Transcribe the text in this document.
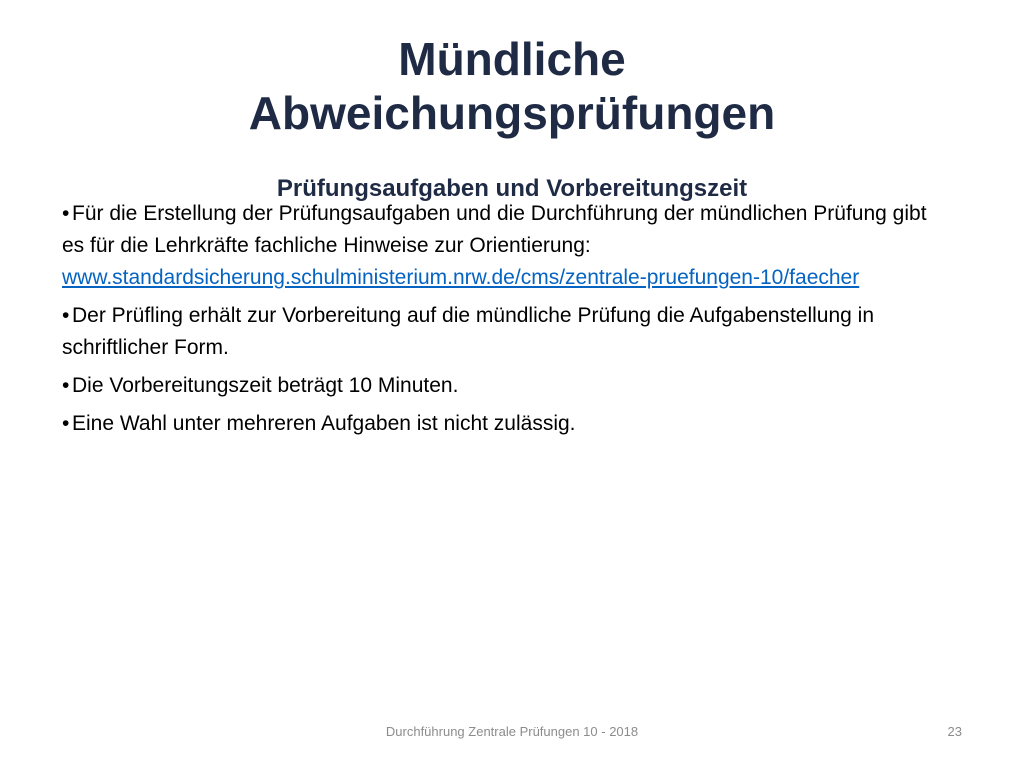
Mündliche
Abweichungsprüfungen
Prüfungsaufgaben und Vorbereitungszeit

• Für die Erstellung der Prüfungsaufgaben und die Durchführung der mündlichen Prüfung gibt es für die Lehrkräfte fachliche Hinweise zur Orientierung:
www.standardsicherung.schulministerium.nrw.de/cms/zentrale-pruefungen-10/faecher

• Der Prüfling erhält zur Vorbereitung auf die mündliche Prüfung die Aufgabenstellung in schriftlicher Form.

• Die Vorbereitungszeit beträgt 10 Minuten.

• Eine Wahl unter mehreren Aufgaben ist nicht zulässig.

Durchführung Zentrale Prüfungen 10 - 2018	23
